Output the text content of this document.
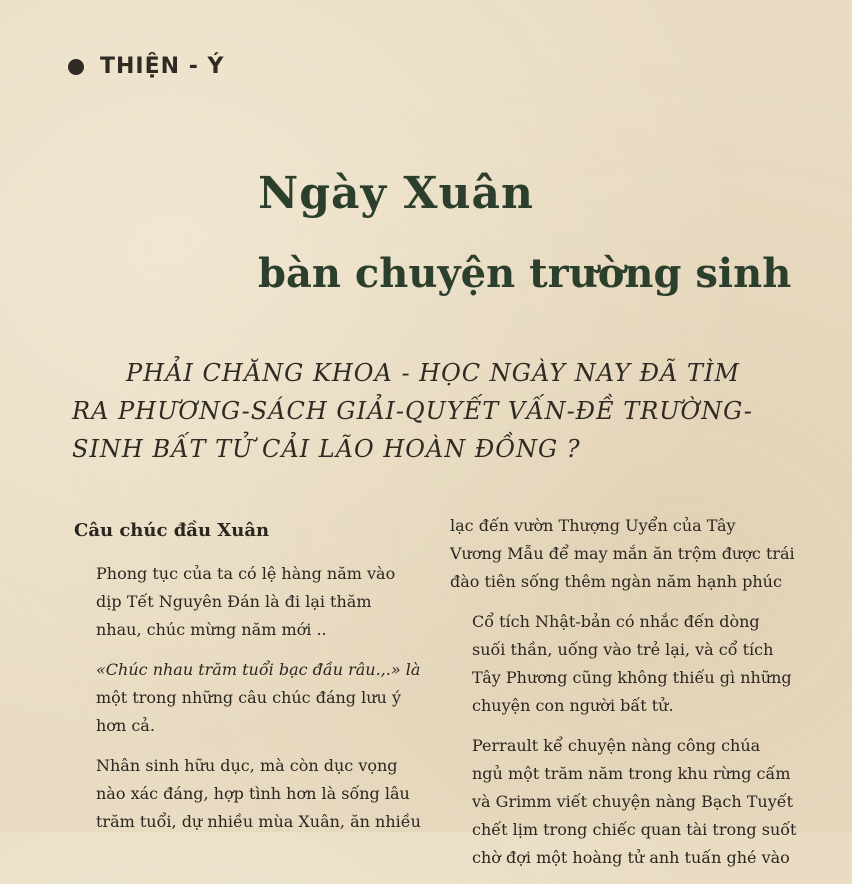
THIỆN - Ý
Ngày Xuân
bàn chuyện trường sinh
PHẢI CHĂNG KHOA - HỌC NGÀY NAY ĐÃ TÌM
RA PHƯƠNG-SÁCH GIẢI-QUYẾT VẤN-ĐỀ TRƯỜNG-
SINH BẤT TỬ CẢI LÃO HOÀN ĐỒNG ?
Câu chúc đầu Xuân

Phong tục của ta có lệ hàng năm vào
dịp Tết Nguyên Đán là đi lại thăm
nhau, chúc mừng năm mới ..

«Chúc nhau trăm tuổi bạc đầu râu.,.» là
một trong những câu chúc đáng lưu ý
hơn cả.

Nhân sinh hữu dục, mà còn dục vọng
nào xác đáng, hợp tình hơn là sống lâu
trăm tuổi, dự nhiều mùa Xuân, ăn nhiều

lạc đến vườn Thượng Uyển của Tây
Vương Mẫu để may mắn ăn trộm được trái
đào tiên sống thêm ngàn năm hạnh phúc

Cổ tích Nhật-bản có nhắc đến dòng
suối thần, uống vào trẻ lại, và cổ tích
Tây Phương cũng không thiếu gì những
chuyện con người bất tử.

Perrault kể chuyện nàng công chúa
ngủ một trăm năm trong khu rừng cấm
và Grimm viết chuyện nàng Bạch Tuyết
chết lịm trong chiếc quan tài trong suốt
chờ đợi một hoàng tử anh tuấn ghé vào
